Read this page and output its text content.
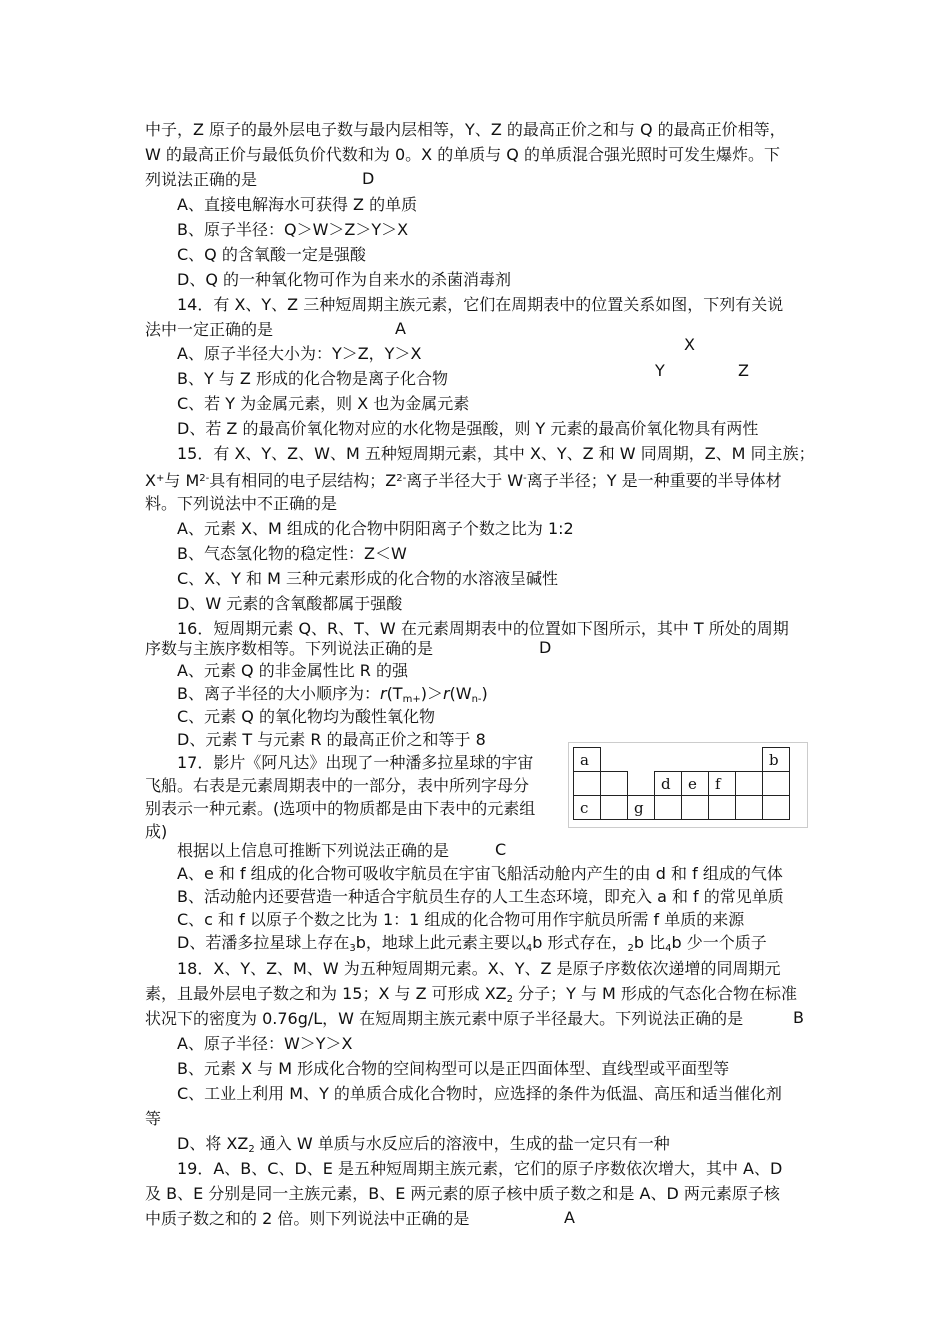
中子，Z 原子的最外层电子数与最内层相等，Y、Z 的最高正价之和与 Q 的最高正价相等，
W 的最高正价与最低负价代数和为 0。X 的单质与 Q 的单质混合强光照时可发生爆炸。下
列说法正确的是	D
A、直接电解海水可获得 Z 的单质
B、原子半径：Q＞W＞Z＞Y＞X
C、Q 的含氧酸一定是强酸
D、Q 的一种氧化物可作为自来水的杀菌消毒剂
14．有 X、Y、Z 三种短周期主族元素，它们在周期表中的位置关系如图，下列有关说
法中一定正确的是	A
X
Y	Z
A、原子半径大小为：Y＞Z，Y＞X
B、Y 与 Z 形成的化合物是离子化合物
C、若 Y 为金属元素，则 X 也为金属元素
D、若 Z 的最高价氧化物对应的水化物是强酸，则 Y 元素的最高价氧化物具有两性
15．有 X、Y、Z、W、M 五种短周期元素，其中 X、Y、Z 和 W 同周期，Z、M 同主族；
X+与 $M^{2-}$具有相同的电子层结构；$Z^{2-}$离子半径大于 W-离子半径；Y 是一种重要的半导体材
料。下列说法中不正确的是
A、元素 X、M 组成的化合物中阴阳离子个数之比为 1:2
B、气态氢化物的稳定性：Z＜W
C、X、Y 和 M 三种元素形成的化合物的水溶液呈碱性
D、W 元素的含氧酸都属于强酸
16．短周期元素 Q、R、T、W 在元素周期表中的位置如下图所示，其中 T 所处的周期
序数与主族序数相等。下列说法正确的是	D
A、元素 Q 的非金属性比 R 的强
B、离子半径的大小顺序为：$r(T_{m+})>r(W_{n-})$
C、元素 Q 的氧化物均为酸性氧化物
D、元素 T 与元素 R 的最高正价之和等于 8
17．影片《阿凡达》出现了一种潘多拉星球的宇宙
飞船。右表是元素周期表中的一部分，表中所列字母分
别表示一种元素。(选项中的物质都是由下表中的元素组
成)
a							b
			d	e	f		
c		g					
根据以上信息可推断下列说法正确的是	C
A、e 和 f 组成的化合物可吸收宇航员在宇宙飞船活动舱内产生的由 d 和 f 组成的气体
B、活动舱内还要营造一种适合宇航员生存的人工生态环境，即充入 a 和 f 的常见单质
C、c 和 f 以原子个数之比为 1：1 组成的化合物可用作宇航员所需 f 单质的来源
D、若潘多拉星球上存在$_3$b，地球上此元素主要以$_4$b 形式存在，$_2$b 比$_4$b 少一个质子
18．X、Y、Z、M、W 为五种短周期元素。X、Y、Z 是原子序数依次递增的同周期元
素，且最外层电子数之和为 15；X 与 Z 可形成 $XZ_2$ 分子；Y 与 M 形成的气态化合物在标准
状况下的密度为 0.76g/L，W 在短周期主族元素中原子半径最大。下列说法正确的是	B
A、原子半径：W＞Y＞X
B、元素 X 与 M 形成化合物的空间构型可以是正四面体型、直线型或平面型等
C、工业上利用 M、Y 的单质合成化合物时，应选择的条件为低温、高压和适当催化剂
等
D、将 $XZ_2$ 通入 W 单质与水反应后的溶液中，生成的盐一定只有一种
19．A、B、C、D、E 是五种短周期主族元素，它们的原子序数依次增大，其中 A、D
及 B、E 分别是同一主族元素，B、E 两元素的原子核中质子数之和是 A、D 两元素原子核
中质子数之和的 2 倍。则下列说法中正确的是	A
